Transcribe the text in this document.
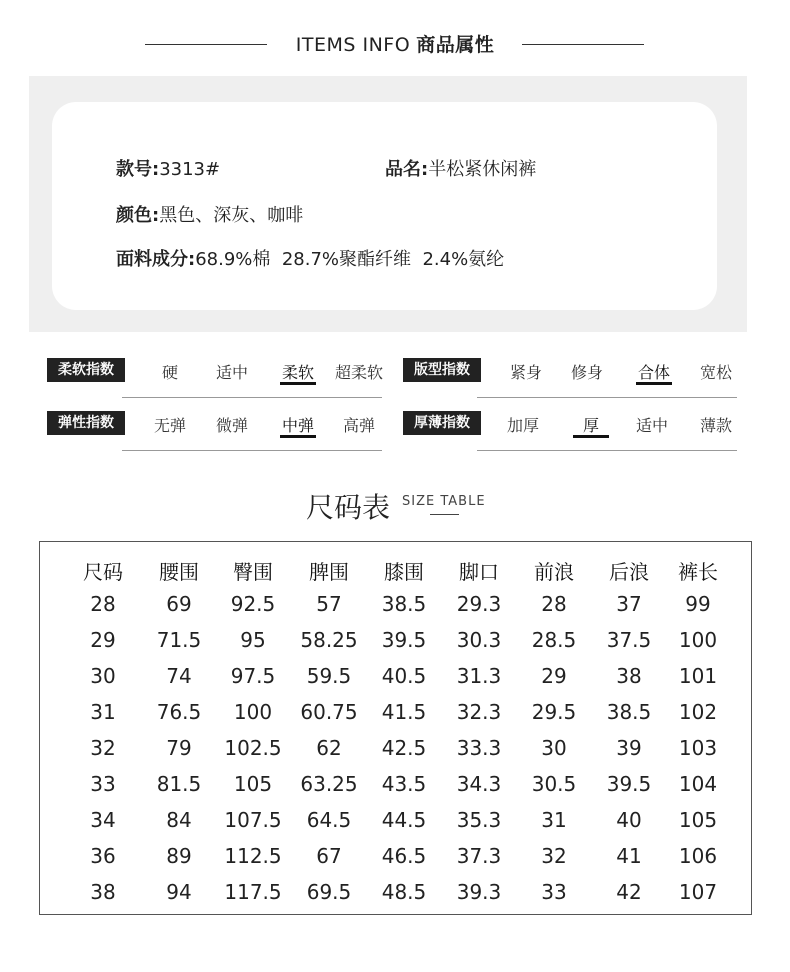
ITEMS INFO 商品属性
款号:3313#	品名:半松紧休闲裤
颜色:黑色、深灰、咖啡
面料成分:68.9%棉  28.7%聚酯纤维  2.4%氨纶
柔软指数	硬 适中 柔软 超柔软	版型指数	紧身 修身 合体 宽松
弹性指数	无弹 微弹 中弹 高弹	厚薄指数	加厚	厚 适中 薄款
尺码表 SIZE TABLE
尺码 腰围 臀围 脾围 膝围 脚口 前浪 后浪 裤长
28	69 92.5 57 38.5 29.3 28 37 99
29 71.5 95 58.25 39.5 30.3 28.5 37.5 100
30	74 97.5 59.5 40.5 31.3 29 38 101
31 76.5 100 60.75 41.5 32.3 29.5 38.5 102
32	79 102.5 62 42.5 33.3 30 39 103
33 81.5 105 63.25 43.5 34.3 30.5 39.5 104
34	84 107.5 64.5 44.5 35.3 31 40 105
36	89 112.5 67 46.5 37.3 32 41 106
38	94 117.5 69.5 48.5 39.3 33 42 107
